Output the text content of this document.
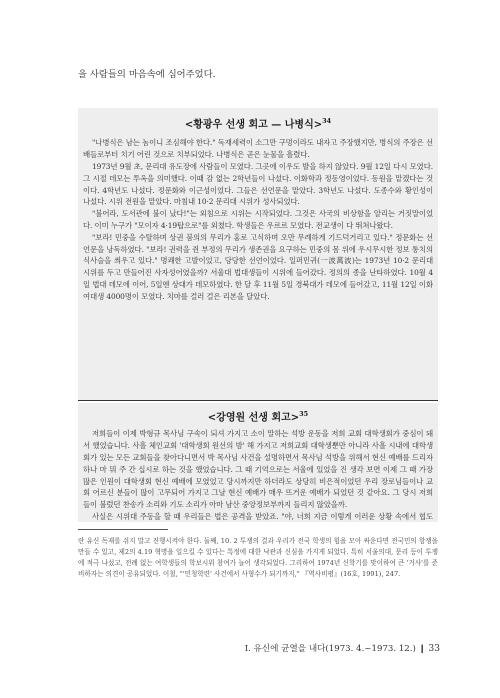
을 사람들의 마음속에 심어주었다.

<황광우 선생 회고 — 나병식>$^{34}$

"나병식은 남는 놈이니 조심해야 한다." 독재세력이 소그만 구멍이라도 내자고 주장했지만, 병식의 주장은 선배들로부터 치기 어린 것으로 치부되었다. 나병식은 곧은 눈물을 흘렸다.

1973년 9월 초, 문리대 유도장에 사람들이 모였다. 그곳에 이우도 발을 하지 않았다. 9월 12일 다시 모였다. 그 시절 데모는 투옥을 의미했다. 이때 감 없는 2학년들이 나섰다. 이화학과 정동영이었다. 동원을 맡겠다는 것이다. 4학년도 나섰다. 정문화와 이근성이었다. 그들은 선언문을 맡았다. 3학년도 나섰다. 도종수와 황인성이 나섰다. 시위 전원을 맡았다. 마침내 10·2 문리대 시위가 성사되었다.

"불어라, 도서관에 불이 났다!"는 외침으로 시위는 시작되었다. 그것은 사국의 비상함을 알리는 거짓말이었다. 이미 누구가 "모이자 4·19탑으로"를 외쳤다. 학생들은 우르르 모였다. 전교생이 다 뛰쳐나왔다.

"보라! 민중을 수탈하며 상권 붐의의 무리가 홍로 고식하며 오만 무례하게 기드덕거리고 있다." 정문화는 선언문을 낭독하였다. "보라! 권력을 쥔 부정의 무리가 생존권을 요구하는 민중의 몸 위에 우시무시한 정보 통치의 식사슬을 씌우고 있다." 명쾌한 고발이었고, 당당한 선언이었다. 일퍼민귀(一波萬波)는 1973년 10·2 문리대 시위를 두고 만들어진 사자성어였을까? 서울대 법대생들이 시위에 들어갔다. 정의의 종을 난타하였다. 10월 4일 법대 데모에 이어, 5일엔 상대가 데모하였다. 한 달 후 11월 5일 경북대가 데모에 들어갔고, 11월 12일 이화여대생 4000명이 모였다. 치마를 걸러 걸은 리본을 달았다.

<강영원 선생 회고>$^{35}$

저희들이 이제 박형규 목사님 구속이 되셔 가지고 소이 말하는 석방 운동을 저희 교회 대학생회가 중심이 돼서 했었습니다. 사흘 체인교회 '대학생회 원선의 밤' 해 가지고 저희교회 대학생뿐만 아니라 사흘 시내에 대학생회가 있는 모든 교회들을 찾아다니면서 박 목사님 사건을 설명하면서 목사님 석방을 위해서 현신 예배를 드리자 하나 마 뭐 주 간 십시로 하는 것을 했었습니다. 그 때 기억으로는 서울에 있었을 진 생각 보면 이제 그 때 가장 많은 인원이 대학생회 현신 예배에 모였었고 당시까지만 하더라도 상당히 비은적이었던 우리 장로님들이나 교회 어르신 분들이 많이 고무되어 가지고 그날 현신 예배가 매우 뜨거운 예배가 되었던 것 같아요. 그 당시 저희들이 불렀던 찬송가 소리와 기도 소리가 아마 남산 중앙정보부까지 들리지 않았을까.

사실은 시위대 주동을 할 때 우리들은 법은 공격을 받았죠. "야, 너희 지금 이렇게 이러운 상황 속에서 협도

란 유신 독재를 쉬지 말고 진행시켜야 한다. 둘째, 10. 2 투쟁의 결과 우리가 전국 학생의 힘을 모아 싸운다면 전국민의 항쟁을 만들 수 있고, 제2의 4.19 혁명을 일으킬 수 있다는 특정에 대한 낙관과 신심을 가지게 되었다. 특히 서울의대, 문리 등이 투쟁에 적극 나섰고, 전례 없는 여학생들의 학보시위 참여가 늘어 생각되었다. 그리하여 1974년 신학기를 맞이하여 큰 '거사'를 준비하자는 의견이 공유되었다. 이철, "'민청학련' 사건에서 사형수가 되기까지," 『역사비평』(16호, 1991), 247.

I. 유신에 균열을 내다(1973. 4.~1973. 12.) ❙ 33
